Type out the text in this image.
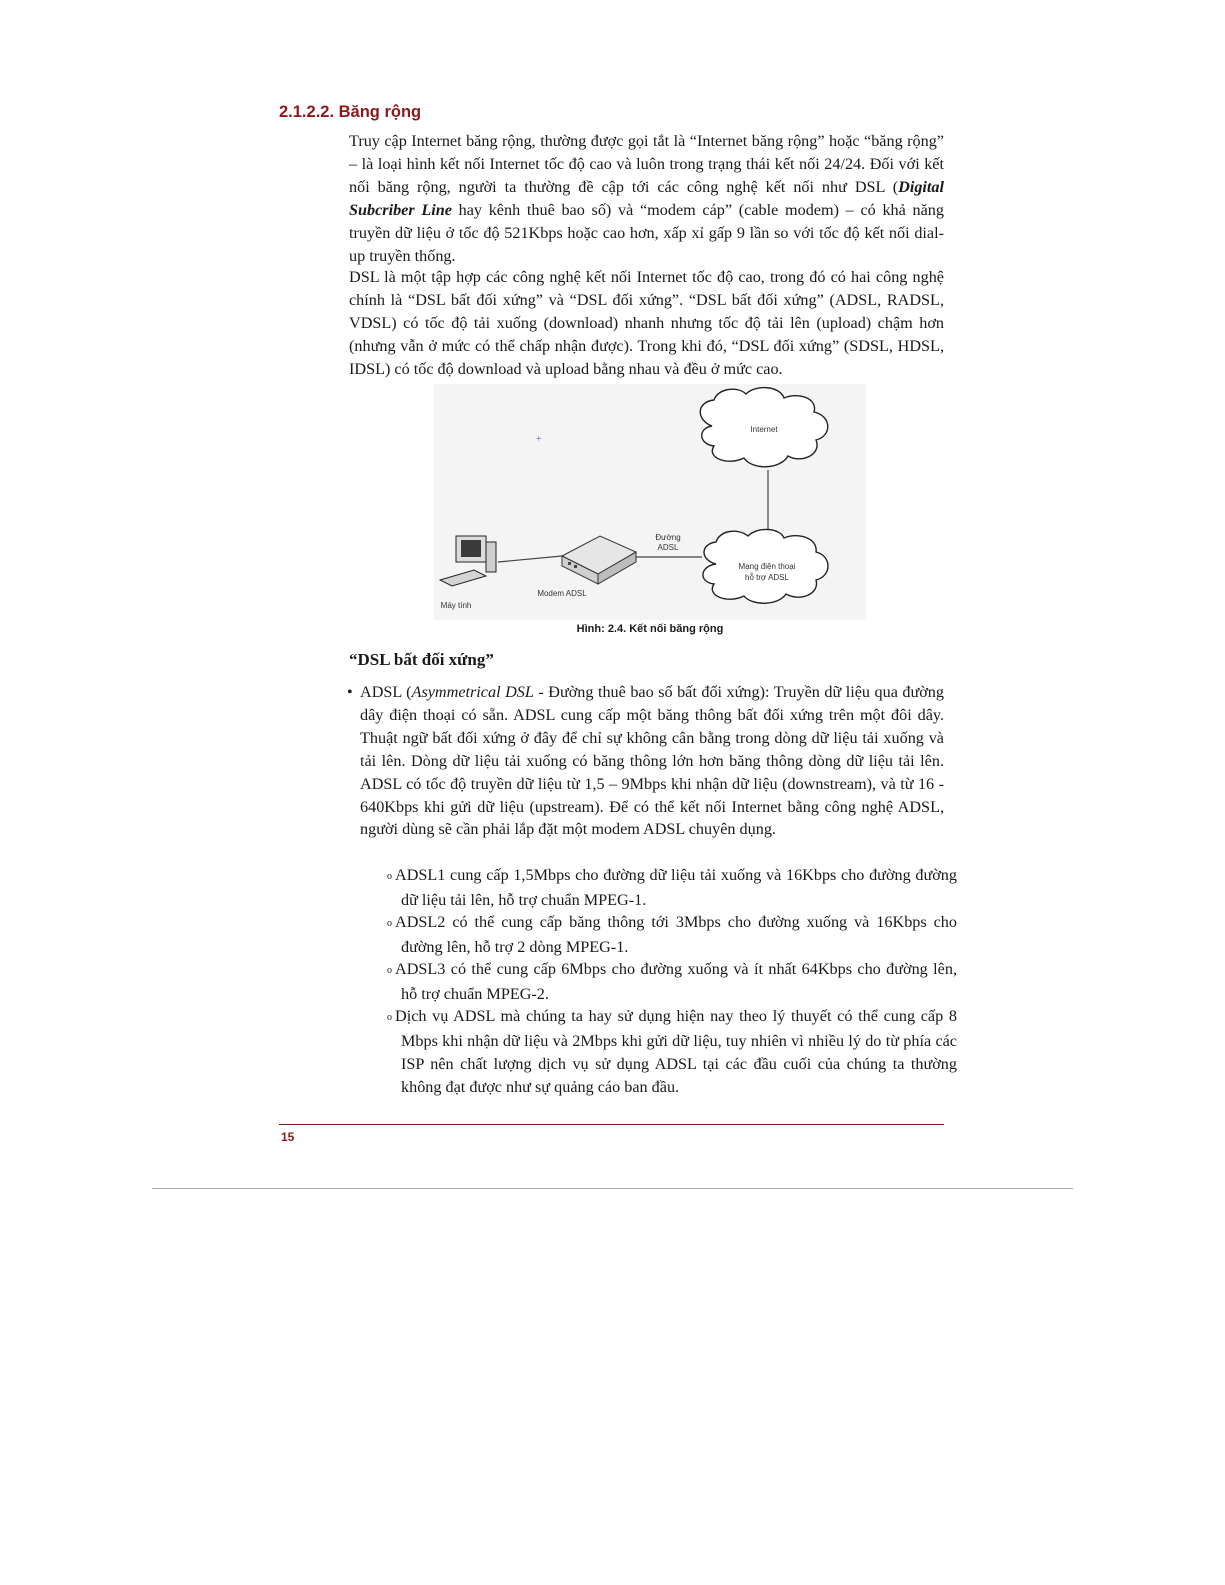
2.1.2.2. Băng rộng
Truy cập Internet băng rộng, thường được gọi tắt là “Internet băng rộng” hoặc “băng rộng” – là loại hình kết nối Internet tốc độ cao và luôn trong trạng thái kết nối 24/24. Đối với kết nối băng rộng, người ta thường đề cập tới các công nghệ kết nối như DSL (Digital Subcriber Line hay kênh thuê bao số) và “modem cáp” (cable modem) – có khả năng truyền dữ liệu ở tốc độ 521Kbps hoặc cao hơn, xấp xỉ gấp 9 lần so với tốc độ kết nối dial-up truyền thống.
DSL là một tập hợp các công nghệ kết nối Internet tốc độ cao, trong đó có hai công nghệ chính là “DSL bất đối xứng” và “DSL đối xứng”. “DSL bất đối xứng” (ADSL, RADSL, VDSL) có tốc độ tải xuống (download) nhanh nhưng tốc độ tải lên (upload) chậm hơn (nhưng vẫn ở mức có thể chấp nhận được). Trong khi đó, “DSL đối xứng” (SDSL, HDSL, IDSL) có tốc độ download và upload bằng nhau và đều ở mức cao.
Internet
Mạng điện thoại
hỗ trợ ADSL
Đường
ADSL
Modem ADSL
Máy tính
+
Hình: 2.4. Kết nối băng rộng
“DSL bất đối xứng”

• ADSL (Asymmetrical DSL - Đường thuê bao số bất đối xứng): Truyền dữ liệu qua đường dây điện thoại có sẵn. ADSL cung cấp một băng thông bất đối xứng trên một đôi dây. Thuật ngữ bất đối xứng ở đây để chỉ sự không cân bằng trong dòng dữ liệu tải xuống và tải lên. Dòng dữ liệu tải xuống có băng thông lớn hơn băng thông dòng dữ liệu tải lên. ADSL có tốc độ truyền dữ liệu từ 1,5 – 9Mbps khi nhận dữ liệu (downstream), và từ 16 - 640Kbps khi gửi dữ liệu (upstream). Để có thể kết nối Internet bằng công nghệ ADSL, người dùng sẽ cần phải lắp đặt một modem ADSL chuyên dụng.

o ADSL1 cung cấp 1,5Mbps cho đường dữ liệu tải xuống và 16Kbps cho đường đường dữ liệu tải lên, hỗ trợ chuẩn MPEG-1.
o ADSL2 có thể cung cấp băng thông tới 3Mbps cho đường xuống và 16Kbps cho đường lên, hỗ trợ 2 dòng MPEG-1.
o ADSL3 có thể cung cấp 6Mbps cho đường xuống và ít nhất 64Kbps cho đường lên, hỗ trợ chuẩn MPEG-2.
o Dịch vụ ADSL mà chúng ta hay sử dụng hiện nay theo lý thuyết có thể cung cấp 8 Mbps khi nhận dữ liệu và 2Mbps khi gửi dữ liệu, tuy nhiên vì nhiều lý do từ phía các ISP nên chất lượng dịch vụ sử dụng ADSL tại các đầu cuối của chúng ta thường không đạt được như sự quảng cáo ban đầu.
15
